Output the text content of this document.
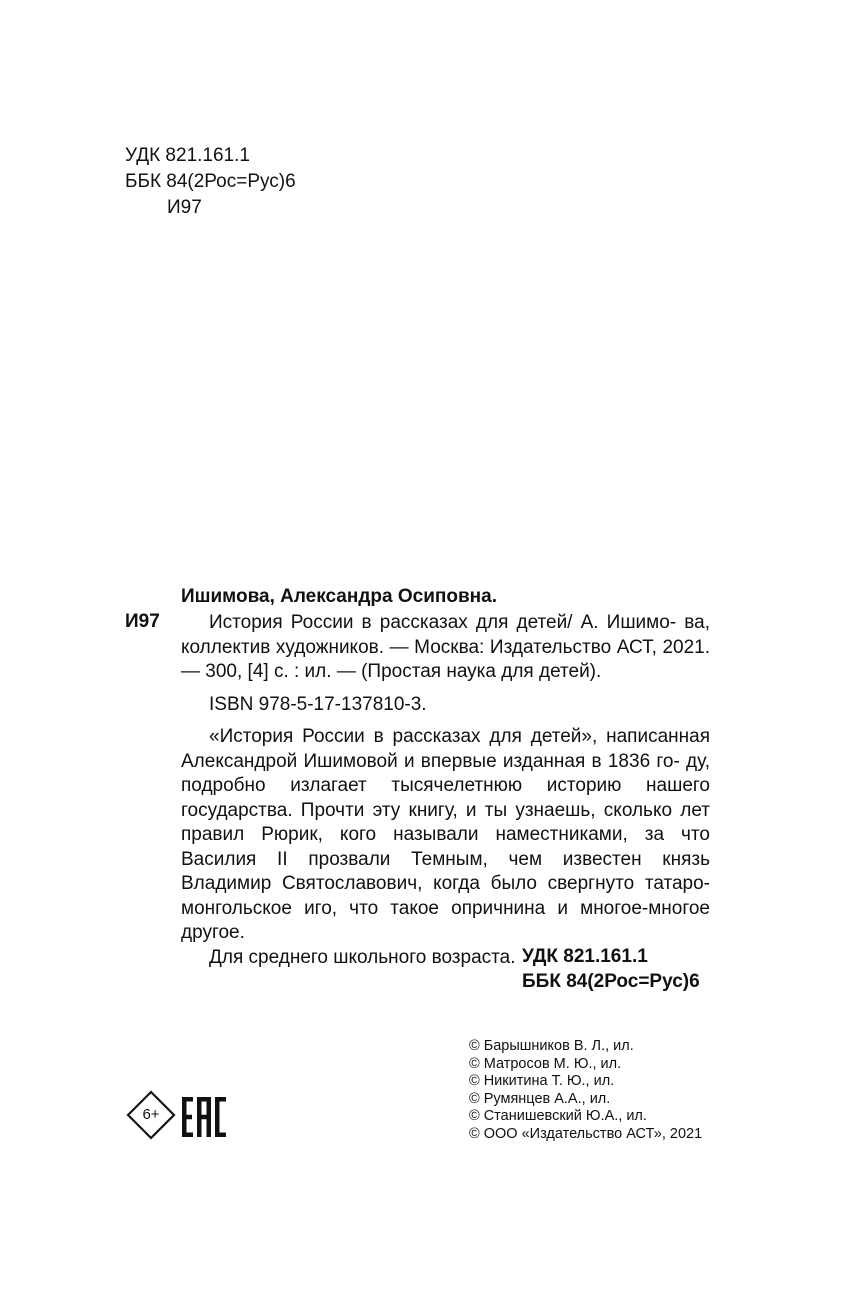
УДК 821.161.1
ББК 84(2Рос=Рус)6
И97
Ишимова, Александра Осиповна.
И97	История России в рассказах для детей/ А. Ишимо- ва, коллектив художников. — Москва: Издательство АСТ, 2021. — 300, [4] с. : ил. — (Простая наука для детей).

ISBN 978-5-17-137810-3.

«История России в рассказах для детей», написанная Александрой Ишимовой и впервые изданная в 1836 го- ду, подробно излагает тысячелетнюю историю нашего государства. Прочти эту книгу, и ты узнаешь, сколько лет правил Рюрик, кого называли наместниками, за что Василия II прозвали Темным, чем известен князь Владимир Святославович, когда было свергнуто татаро- монгольское иго, что такое опричнина и многое-многое другое.

Для среднего школьного возраста. УДК 821.161.1
ББК 84(2Рос=Рус)6
© Барышников В. Л., ил.
© Матросов М. Ю., ил.
© Никитина Т. Ю., ил.
© Румянцев А.А., ил.
© Станишевский Ю.А., ил.
© ООО «Издательство АСТ», 2021
6+
